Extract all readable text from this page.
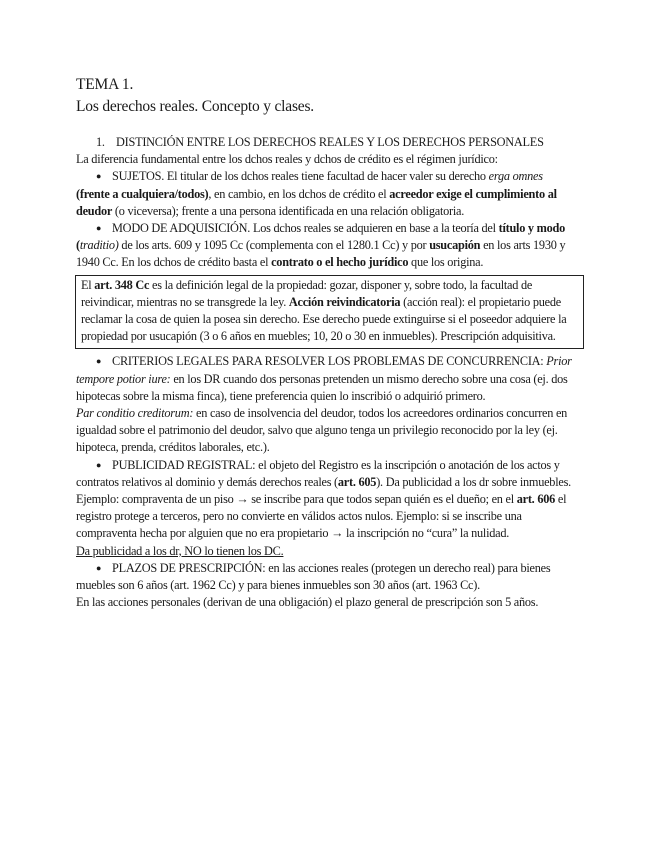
TEMA 1.
Los derechos reales. Concepto y clases.
1. DISTINCIÓN ENTRE LOS DERECHOS REALES Y LOS DERECHOS PERSONALES
La diferencia fundamental entre los dchos reales y dchos de crédito es el régimen jurídico:
● SUJETOS. El titular de los dchos reales tiene facultad de hacer valer su derecho erga omnes (frente a cualquiera/todos), en cambio, en los dchos de crédito el acreedor exige el cumplimiento al deudor (o viceversa); frente a una persona identificada en una relación obligatoria.
● MODO DE ADQUISICIÓN. Los dchos reales se adquieren en base a la teoría del título y modo (traditio) de los arts. 609 y 1095 Cc (complementa con el 1280.1 Cc) y por usucapión en los arts 1930 y 1940 Cc. En los dchos de crédito basta el contrato o el hecho jurídico que los origina.
El art. 348 Cc es la definición legal de la propiedad: gozar, disponer y, sobre todo, la facultad de reivindicar, mientras no se transgrede la ley. Acción reivindicatoria (acción real): el propietario puede reclamar la cosa de quien la posea sin derecho. Ese derecho puede extinguirse si el poseedor adquiere la propiedad por usucapión (3 o 6 años en muebles; 10, 20 o 30 en inmuebles). Prescripción adquisitiva.
● CRITERIOS LEGALES PARA RESOLVER LOS PROBLEMAS DE CONCURRENCIA: Prior tempore potior iure: en los DR cuando dos personas pretenden un mismo derecho sobre una cosa (ej. dos hipotecas sobre la misma finca), tiene preferencia quien lo inscribió o adquirió primero.
Par conditio creditorum: en caso de insolvencia del deudor, todos los acreedores ordinarios concurren en igualdad sobre el patrimonio del deudor, salvo que alguno tenga un privilegio reconocido por la ley (ej. hipoteca, prenda, créditos laborales, etc.).
● PUBLICIDAD REGISTRAL: el objeto del Registro es la inscripción o anotación de los actos y contratos relativos al dominio y demás derechos reales (art. 605). Da publicidad a los dr sobre inmuebles. Ejemplo: compraventa de un piso → se inscribe para que todos sepan quién es el dueño; en el art. 606 el registro protege a terceros, pero no convierte en válidos actos nulos. Ejemplo: si se inscribe una compraventa hecha por alguien que no era propietario → la inscripción no “cura” la nulidad.
Da publicidad a los dr, NO lo tienen los DC.
● PLAZOS DE PRESCRIPCIÓN: en las acciones reales (protegen un derecho real) para bienes muebles son 6 años (art. 1962 Cc) y para bienes inmuebles son 30 años (art. 1963 Cc).
En las acciones personales (derivan de una obligación) el plazo general de prescripción son 5 años.
